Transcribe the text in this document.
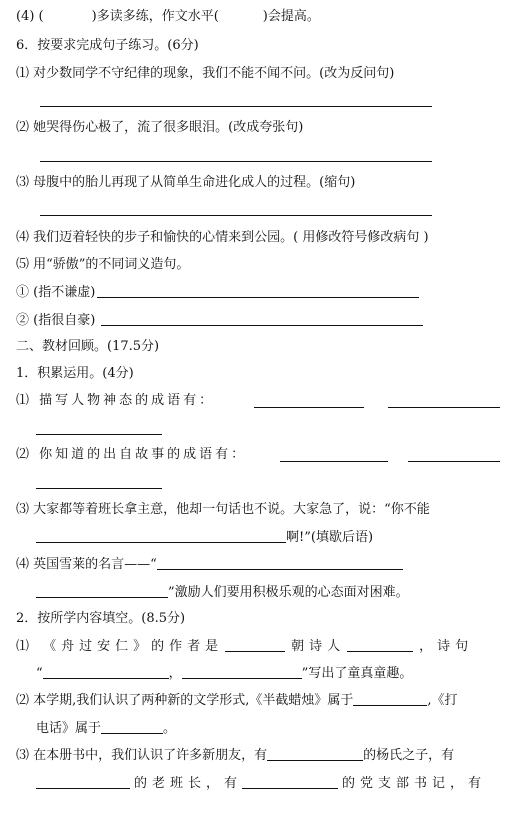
(4) (	)多读多练，作文水平(	)会提高。
6．按要求完成句子练习。(6分)
⑴ 对少数同学不守纪律的现象，我们不能不闻不问。(改为反问句)
⑵ 她哭得伤心极了，流了很多眼泪。(改成夸张句)
⑶ 母腹中的胎儿再现了从简单生命进化成人的过程。(缩句)
⑷ 我们迈着轻快的步子和愉快的心情来到公园。( 用修改符号修改病句 )
⑸ 用“骄傲”的不同词义造句。
① (指不谦虚)
② (指很自豪)
二、教材回顾。(17.5分)
1．积累运用。(4分)
⑴ 描写人物神态的成语有：
⑵ 你知道的出自故事的成语有：
⑶ 大家都等着班长拿主意，他却一句话也不说。大家急了，说：“你不能
啊!”(填歇后语)
⑷ 英国雪莱的名言——“
”激励人们要用积极乐观的心态面对困难。
2．按所学内容填空。(8.5分)
⑴ 《舟过安仁》的作者是	朝诗人	，诗句
“	，	”写出了童真童趣。
⑵ 本学期,我们认识了两种新的文学形式,《半截蜡烛》属于	,《打
电话》属于	。
⑶ 在本册书中，我们认识了许多新朋友，有	的杨氏之子，有
的老班长，有	的党支部书记，有
